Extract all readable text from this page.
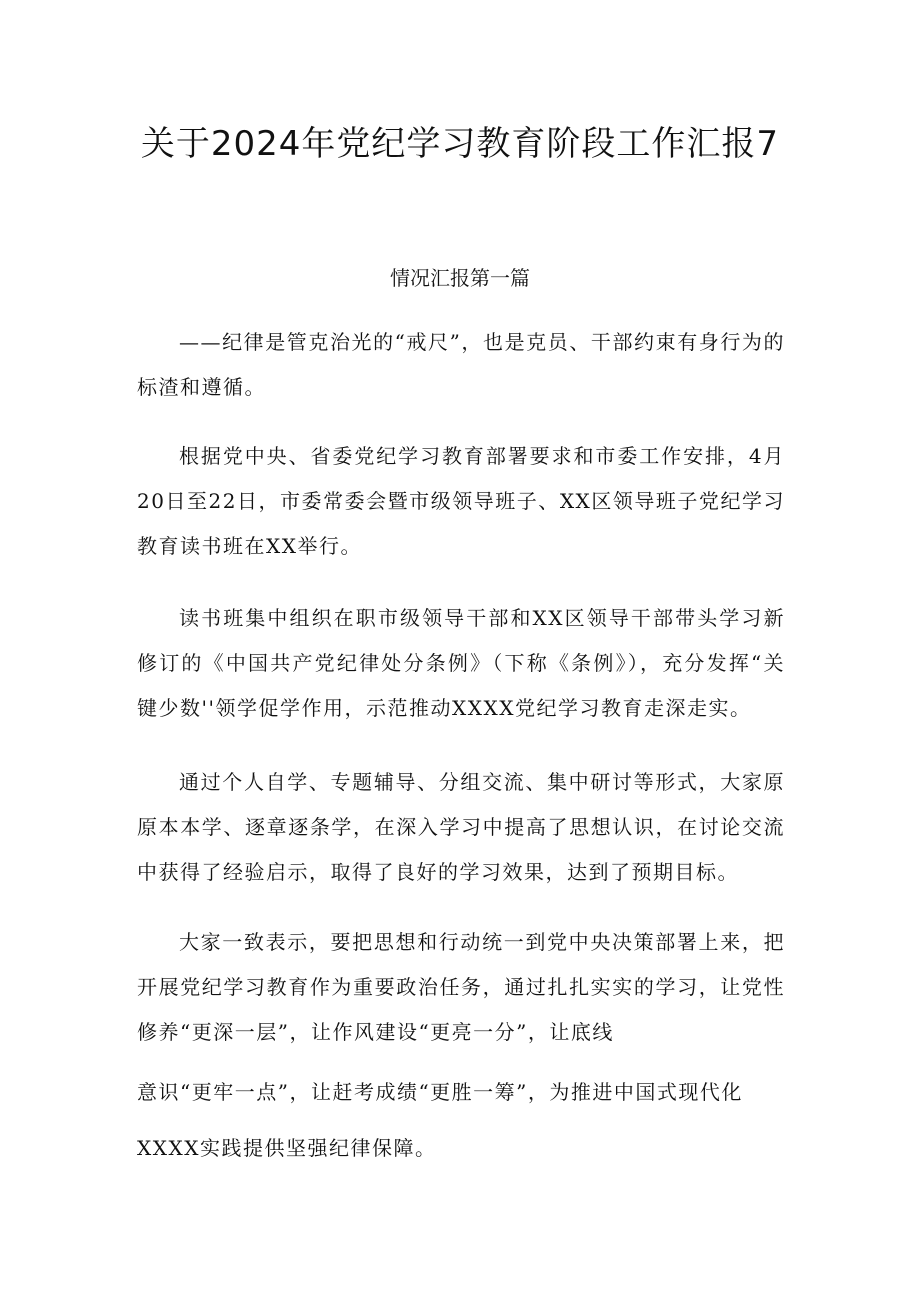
关于2024年党纪学习教育阶段工作汇报7
情况汇报第一篇

——纪律是管克治光的“戒尺”，也是克员、干部约束有身行为的标渣和遵循。

根据党中央、省委党纪学习教育部署要求和市委工作安排，4月20日至22日，市委常委会暨市级领导班子、XX区领导班子党纪学习教育读书班在XX举行。

读书班集中组织在职市级领导干部和XX区领导干部带头学习新修订的《中国共产党纪律处分条例》（下称《条例》），充分发挥“关键少数''领学促学作用，示范推动XXXX党纪学习教育走深走实。

通过个人自学、专题辅导、分组交流、集中研讨等形式，大家原原本本学、逐章逐条学，在深入学习中提高了思想认识，在讨论交流中获得了经验启示，取得了良好的学习效果，达到了预期目标。

大家一致表示，要把思想和行动统一到党中央决策部署上来，把开展党纪学习教育作为重要政治任务，通过扎扎实实的学习，让党性修养“更深一层”，让作风建设“更亮一分”，让底线

意识“更牢一点”，让赶考成绩“更胜一筹”，为推进中国式现代化

XXXX实践提供坚强纪律保障。
